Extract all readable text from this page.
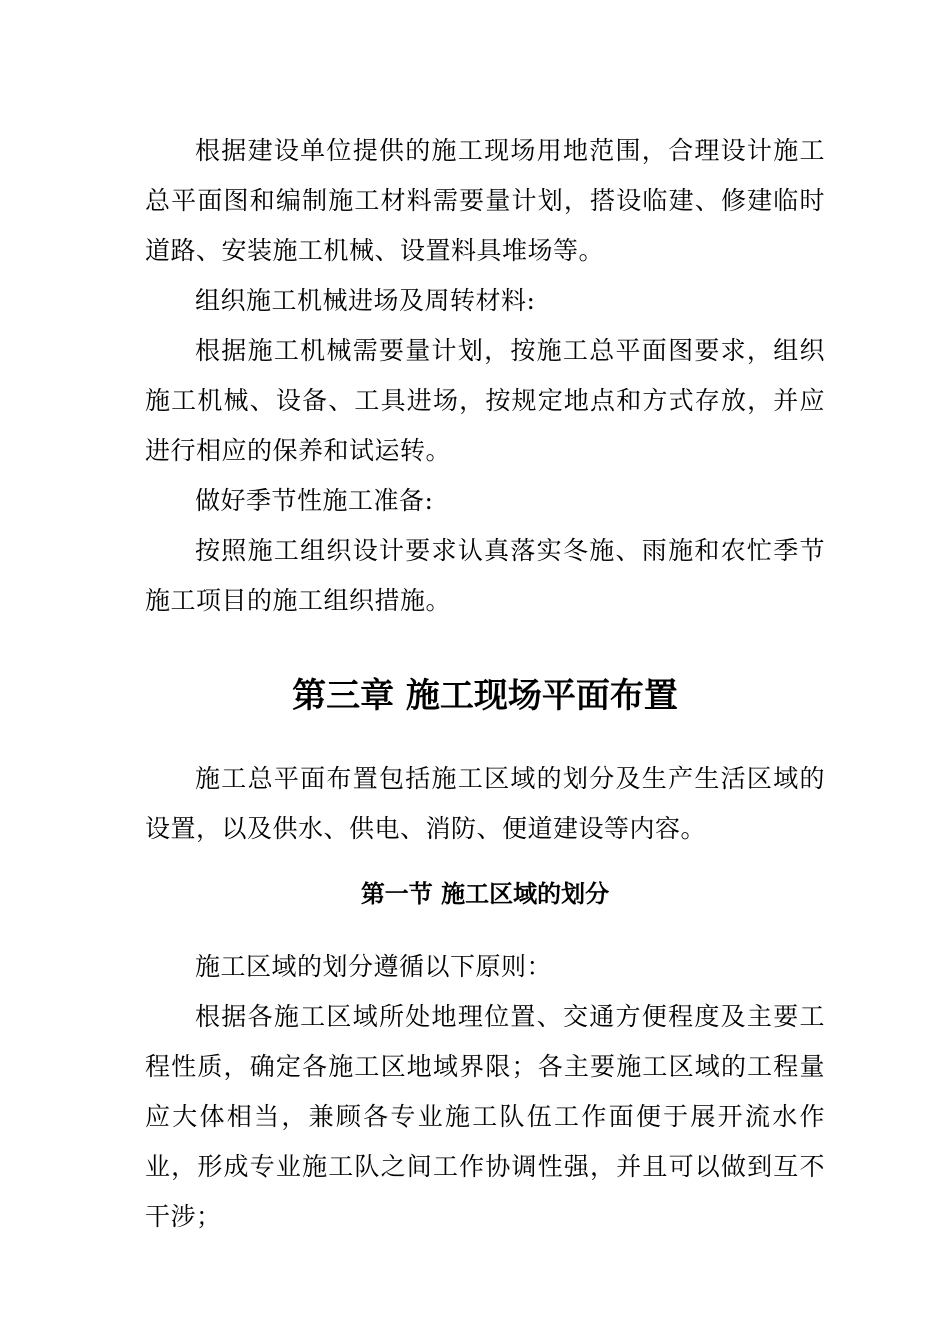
根据建设单位提供的施工现场用地范围，合理设计施工总平面图和编制施工材料需要量计划，搭设临建、修建临时道路、安装施工机械、设置料具堆场等。

组织施工机械进场及周转材料:

根据施工机械需要量计划，按施工总平面图要求，组织施工机械、设备、工具进场，按规定地点和方式存放，并应进行相应的保养和试运转。

做好季节性施工准备:

按照施工组织设计要求认真落实冬施、雨施和农忙季节施工项目的施工组织措施。

第三章 施工现场平面布置

施工总平面布置包括施工区域的划分及生产生活区域的设置，以及供水、供电、消防、便道建设等内容。

第一节 施工区域的划分

施工区域的划分遵循以下原则：

根据各施工区域所处地理位置、交通方便程度及主要工程性质，确定各施工区地域界限；各主要施工区域的工程量应大体相当，兼顾各专业施工队伍工作面便于展开流水作业，形成专业施工队之间工作协调性强，并且可以做到互不干涉；
